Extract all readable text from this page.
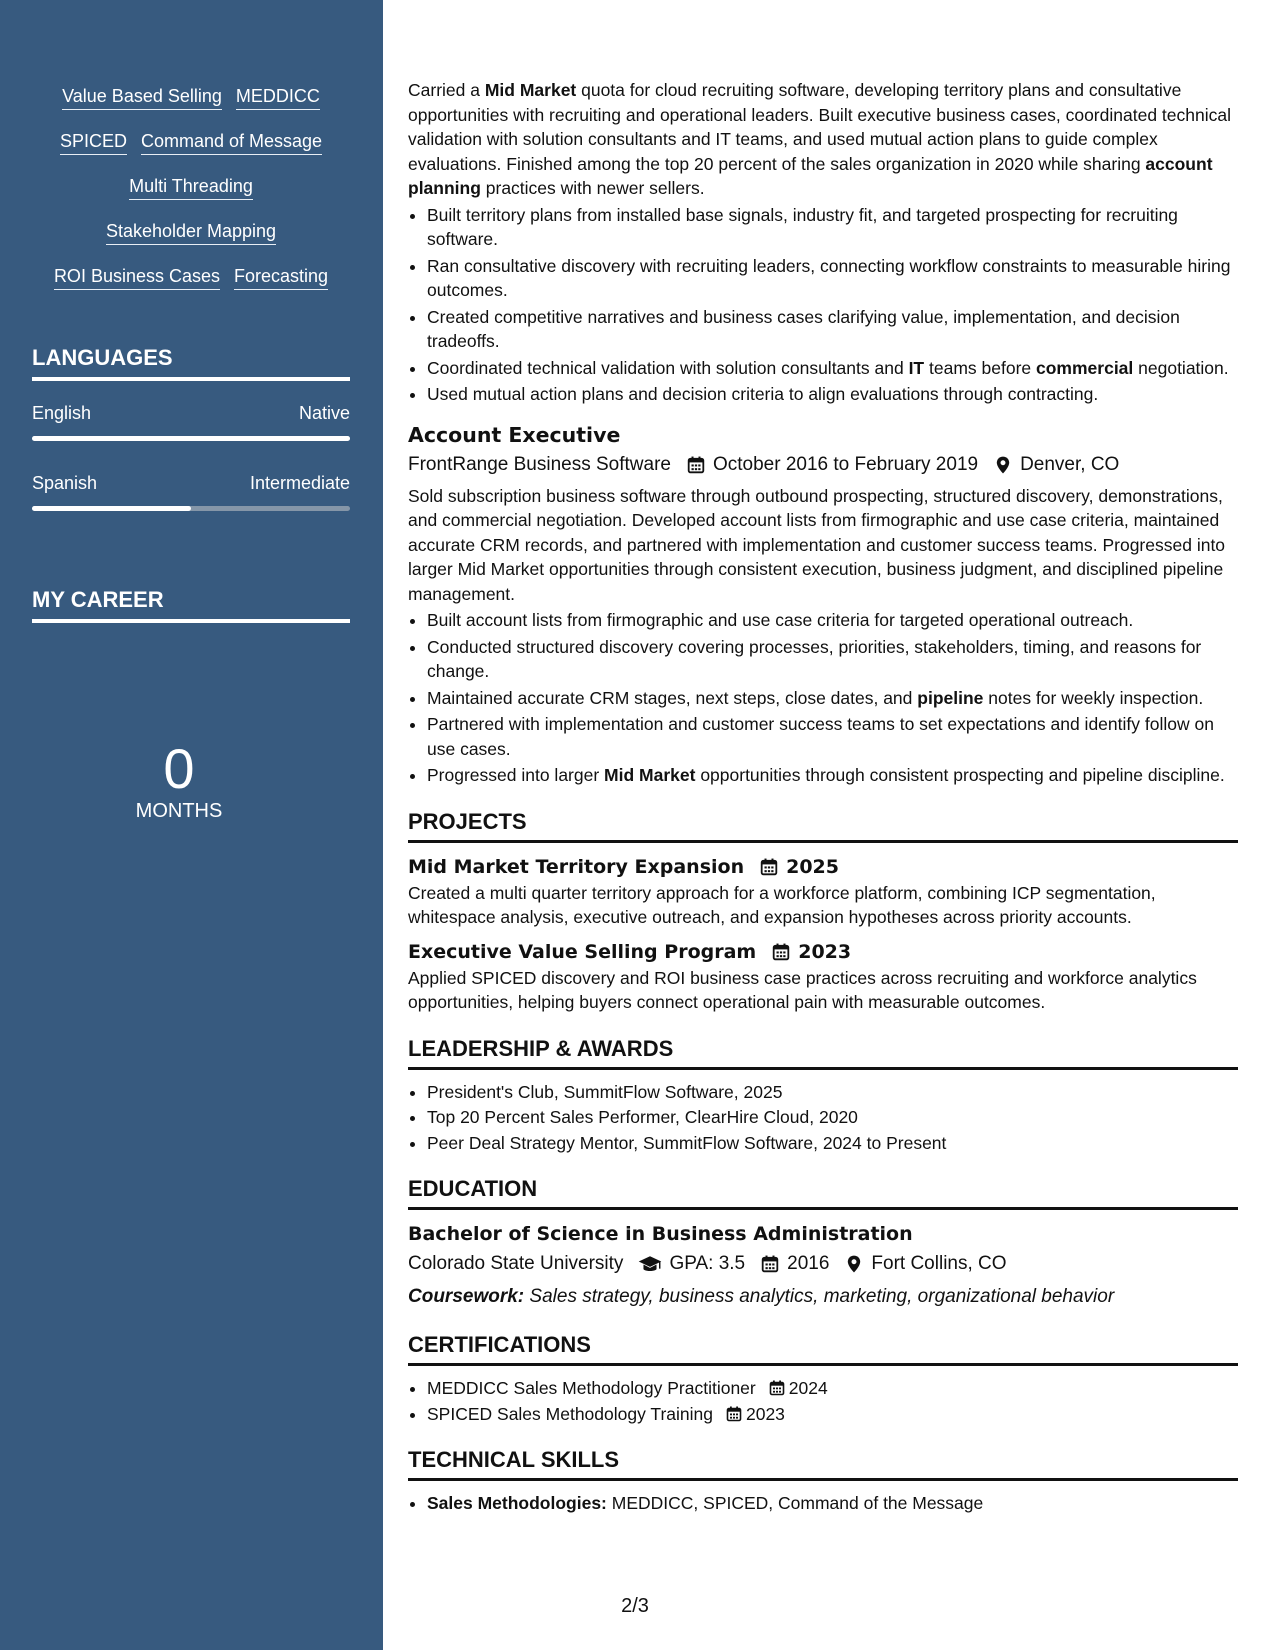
Value Based Selling MEDDICC
SPICED Command of Message
Multi Threading
Stakeholder Mapping
ROI Business Cases Forecasting
LANGUAGES
English	Native
Spanish	Intermediate
MY CAREER
0
MONTHS

Carried a Mid Market quota for cloud recruiting software, developing territory plans and consultative opportunities with recruiting and operational leaders. Built executive business cases, coordinated technical validation with solution consultants and IT teams, and used mutual action plans to guide complex evaluations. Finished among the top 20 percent of the sales organization in 2020 while sharing account planning practices with newer sellers.

• Built territory plans from installed base signals, industry fit, and targeted prospecting for recruiting software.
• Ran consultative discovery with recruiting leaders, connecting workflow constraints to measurable hiring outcomes.
• Created competitive narratives and business cases clarifying value, implementation, and decision tradeoffs.
• Coordinated technical validation with solution consultants and IT teams before commercial negotiation.
• Used mutual action plans and decision criteria to align evaluations through contracting.
Account Executive
FrontRange Business Software October 2016 to February 2019 Denver, CO

Sold subscription business software through outbound prospecting, structured discovery, demonstrations, and commercial negotiation. Developed account lists from firmographic and use case criteria, maintained accurate CRM records, and partnered with implementation and customer success teams. Progressed into larger Mid Market opportunities through consistent execution, business judgment, and disciplined pipeline management.

• Built account lists from firmographic and use case criteria for targeted operational outreach.
• Conducted structured discovery covering processes, priorities, stakeholders, timing, and reasons for change.
• Maintained accurate CRM stages, next steps, close dates, and pipeline notes for weekly inspection.
• Partnered with implementation and customer success teams to set expectations and identify follow on use cases.
• Progressed into larger Mid Market opportunities through consistent prospecting and pipeline discipline.
PROJECTS
Mid Market Territory Expansion 2025

Created a multi quarter territory approach for a workforce platform, combining ICP segmentation, whitespace analysis, executive outreach, and expansion hypotheses across priority accounts.

Executive Value Selling Program 2023

Applied SPICED discovery and ROI business case practices across recruiting and workforce analytics opportunities, helping buyers connect operational pain with measurable outcomes.

LEADERSHIP & AWARDS
• President's Club, SummitFlow Software, 2025
• Top 20 Percent Sales Performer, ClearHire Cloud, 2020
• Peer Deal Strategy Mentor, SummitFlow Software, 2024 to Present
EDUCATION
Bachelor of Science in Business Administration
Colorado State University GPA: 3.5 2016 Fort Collins, CO
Coursework: Sales strategy, business analytics, marketing, organizational behavior
CERTIFICATIONS
• MEDDICC Sales Methodology Practitioner 2024
• SPICED Sales Methodology Training 2023
TECHNICAL SKILLS
• Sales Methodologies: MEDDICC, SPICED, Command of the Message
2/3
